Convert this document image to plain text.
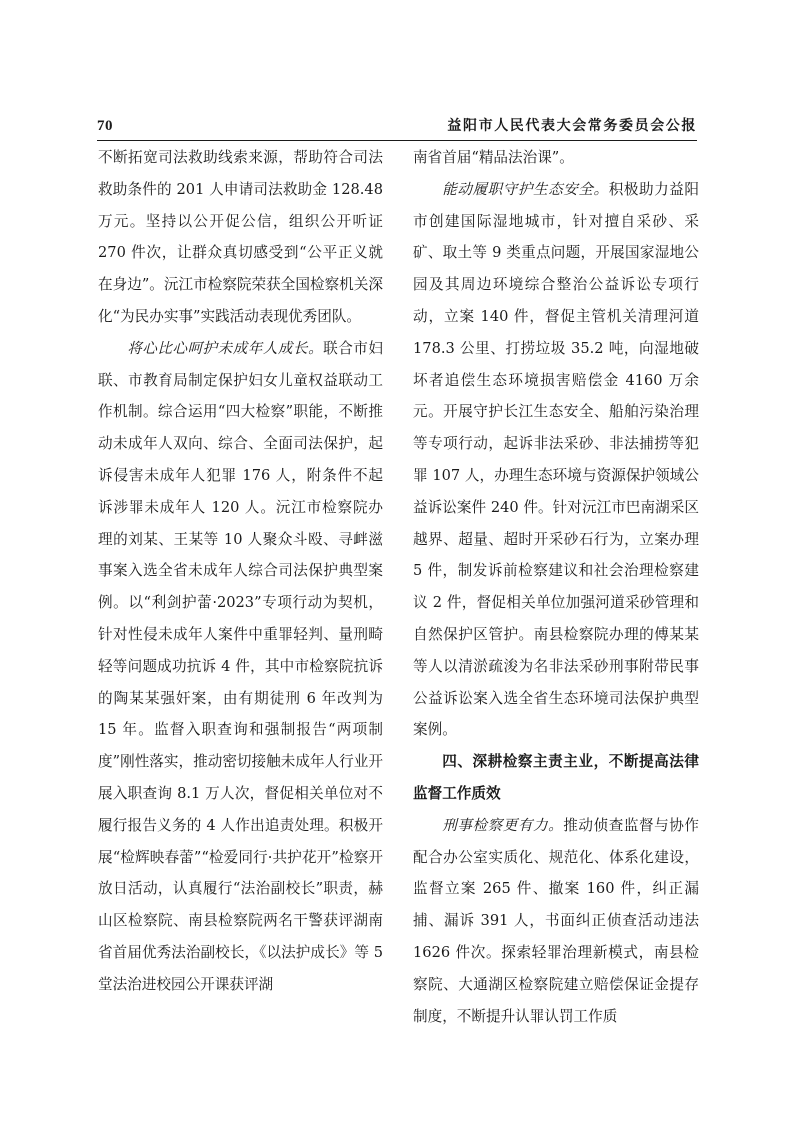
70	益阳市人民代表大会常务委员会公报

不断拓宽司法救助线索来源，帮助符合司法救助条件的 201 人申请司法救助金 128.48 万元。坚持以公开促公信，组织公开听证 270 件次，让群众真切感受到“公平正义就在身边”。沅江市检察院荣获全国检察机关深化“为民办实事”实践活动表现优秀团队。

将心比心呵护未成年人成长。联合市妇联、市教育局制定保护妇女儿童权益联动工作机制。综合运用“四大检察”职能，不断推动未成年人双向、综合、全面司法保护，起诉侵害未成年人犯罪 176 人，附条件不起诉涉罪未成年人 120 人。沅江市检察院办理的刘某、王某等 10 人聚众斗殴、寻衅滋事案入选全省未成年人综合司法保护典型案例。以“利剑护蕾·2023”专项行动为契机，针对性侵未成年人案件中重罪轻判、量刑畸轻等问题成功抗诉 4 件，其中市检察院抗诉的陶某某强奸案，由有期徒刑 6 年改判为 15 年。监督入职查询和强制报告“两项制度”刚性落实，推动密切接触未成年人行业开展入职查询 8.1 万人次，督促相关单位对不履行报告义务的 4 人作出追责处理。积极开展“检辉映春蕾”“检爱同行·共护花开”检察开放日活动，认真履行“法治副校长”职责，赫山区检察院、南县检察院两名干警获评湖南省首届优秀法治副校长，《以法护成长》等 5 堂法治进校园公开课获评湖

南省首届“精品法治课”。

能动履职守护生态安全。积极助力益阳市创建国际湿地城市，针对擅自采砂、采矿、取土等 9 类重点问题，开展国家湿地公园及其周边环境综合整治公益诉讼专项行动，立案 140 件，督促主管机关清理河道 178.3 公里、打捞垃圾 35.2 吨，向湿地破坏者追偿生态环境损害赔偿金 4160 万余元。开展守护长江生态安全、船舶污染治理等专项行动，起诉非法采砂、非法捕捞等犯罪 107 人，办理生态环境与资源保护领域公益诉讼案件 240 件。针对沅江市巴南湖采区越界、超量、超时开采砂石行为，立案办理 5 件，制发诉前检察建议和社会治理检察建议 2 件，督促相关单位加强河道采砂管理和自然保护区管护。南县检察院办理的傅某某等人以清淤疏浚为名非法采砂刑事附带民事公益诉讼案入选全省生态环境司法保护典型案例。

四、深耕检察主责主业，不断提高法律监督工作质效

刑事检察更有力。推动侦查监督与协作配合办公室实质化、规范化、体系化建设，监督立案 265 件、撤案 160 件，纠正漏捕、漏诉 391 人，书面纠正侦查活动违法 1626 件次。探索轻罪治理新模式，南县检察院、大通湖区检察院建立赔偿保证金提存制度，不断提升认罪认罚工作质
